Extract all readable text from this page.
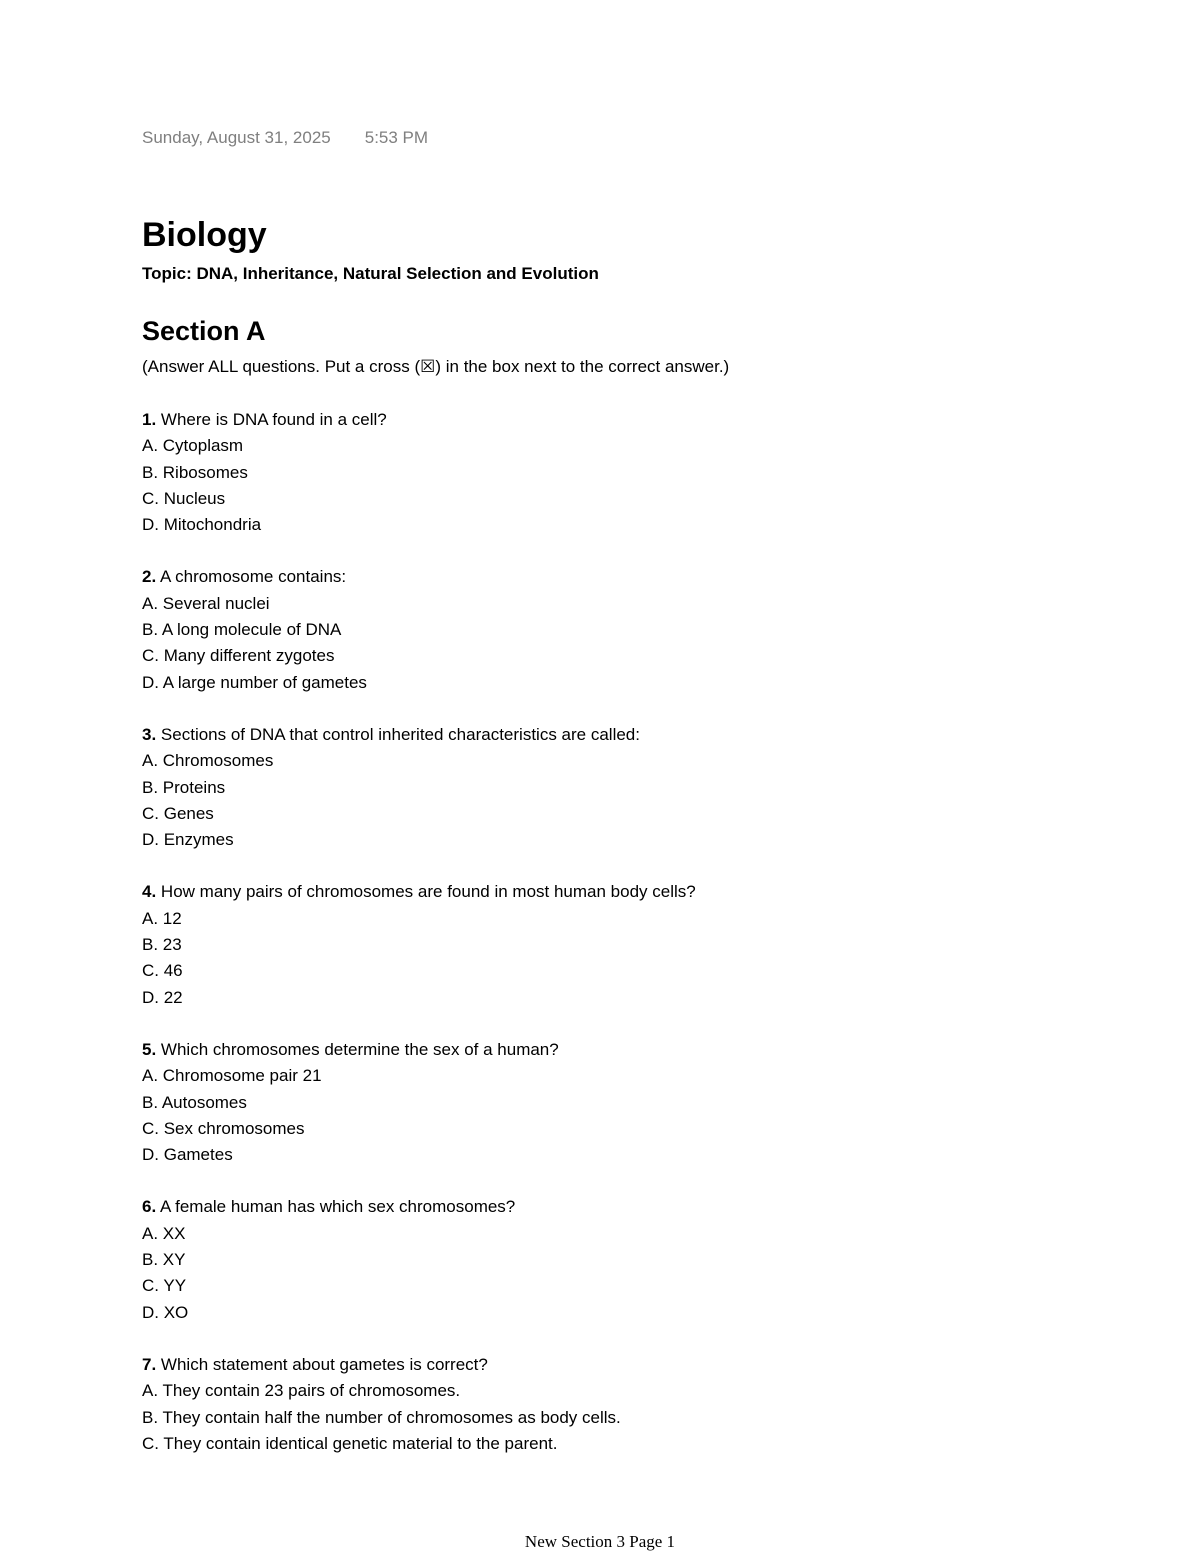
Sunday, August 31, 2025 5:53 PM
Biology
Topic: DNA, Inheritance, Natural Selection and Evolution
Section A
(Answer ALL questions. Put a cross (☒) in the box next to the correct answer.)
1. Where is DNA found in a cell?
A. Cytoplasm
B. Ribosomes
C. Nucleus
D. Mitochondria
2. A chromosome contains:
A. Several nuclei
B. A long molecule of DNA
C. Many different zygotes
D. A large number of gametes
3. Sections of DNA that control inherited characteristics are called:
A. Chromosomes
B. Proteins
C. Genes
D. Enzymes
4. How many pairs of chromosomes are found in most human body cells?
A. 12
B. 23
C. 46
D. 22
5. Which chromosomes determine the sex of a human?
A. Chromosome pair 21
B. Autosomes
C. Sex chromosomes
D. Gametes
6. A female human has which sex chromosomes?
A. XX
B. XY
C. YY
D. XO
7. Which statement about gametes is correct?
A. They contain 23 pairs of chromosomes.
B. They contain half the number of chromosomes as body cells.
C. They contain identical genetic material to the parent.
New Section 3 Page 1
